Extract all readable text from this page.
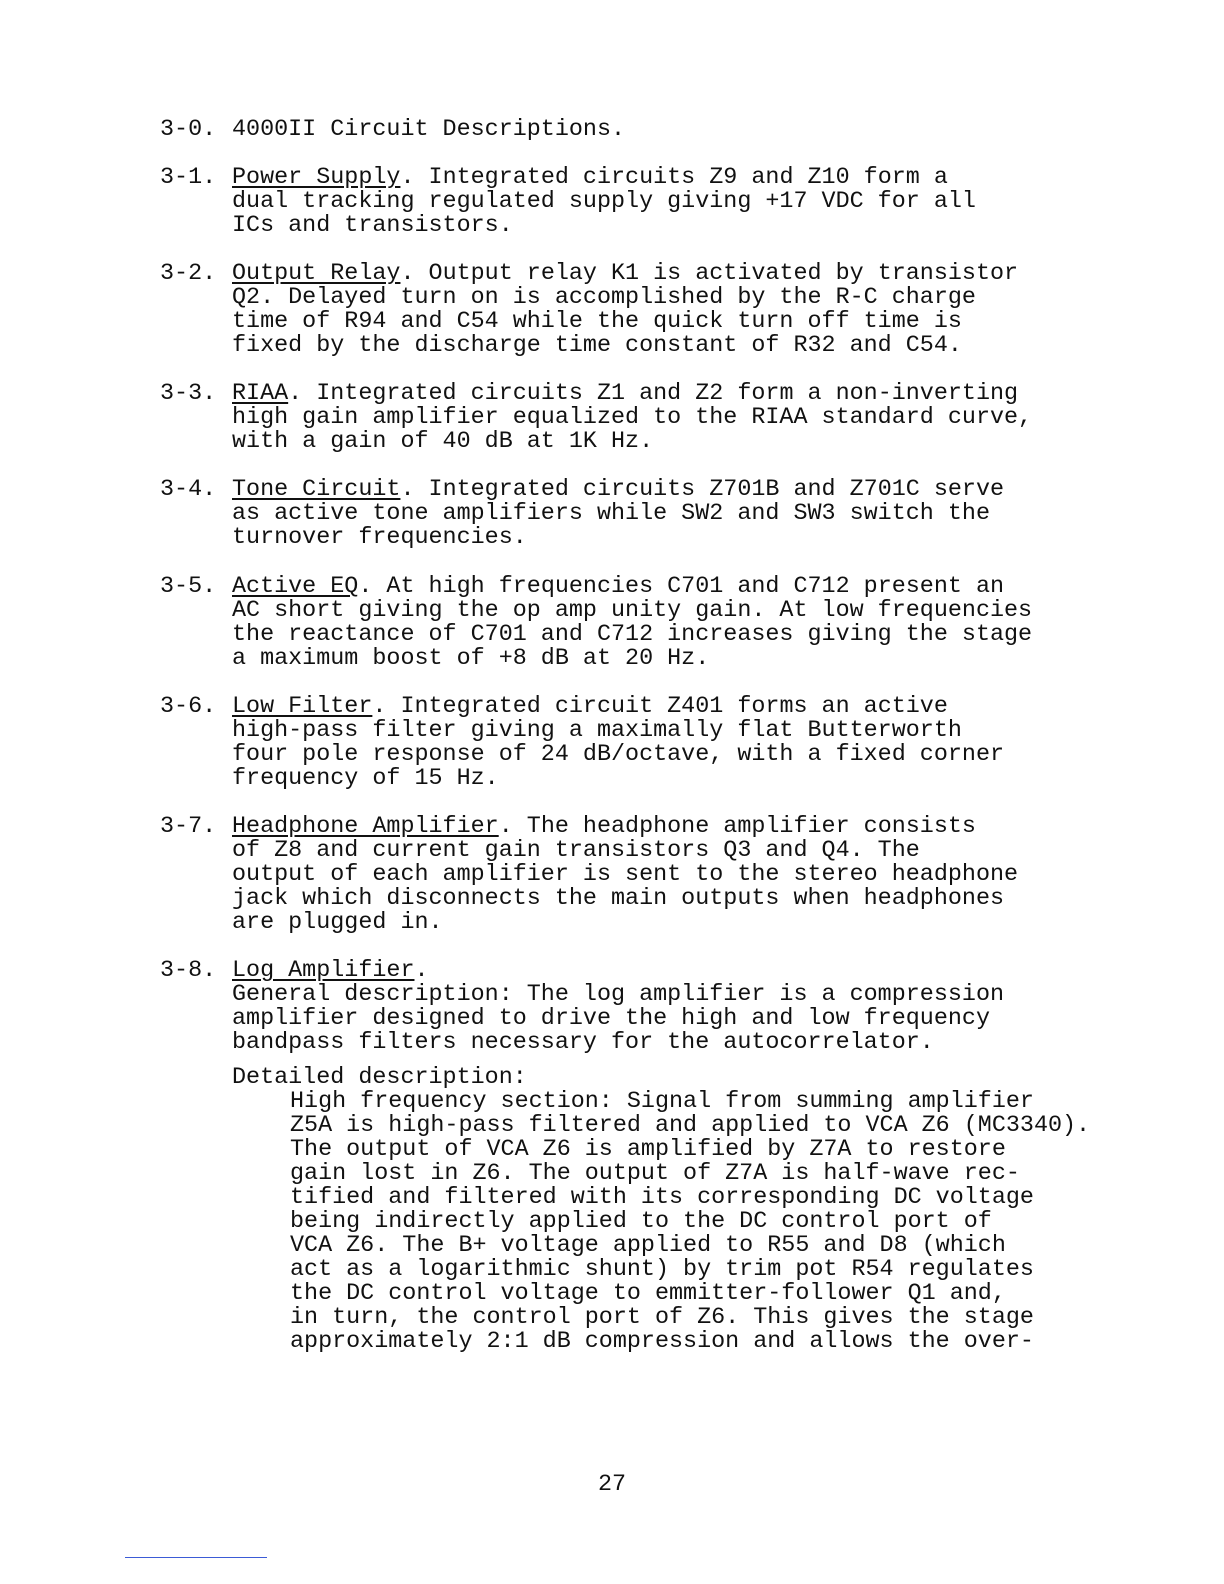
3-0. 4000II Circuit Descriptions.
3-1. Power Supply. Integrated circuits Z9 and Z10 form a
dual tracking regulated supply giving +17 VDC for all
ICs and transistors.
3-2. Output Relay. Output relay K1 is activated by transistor
Q2. Delayed turn on is accomplished by the R-C charge
time of R94 and C54 while the quick turn off time is
fixed by the discharge time constant of R32 and C54.
3-3. RIAA. Integrated circuits Z1 and Z2 form a non-inverting
high gain amplifier equalized to the RIAA standard curve,
with a gain of 40 dB at 1K Hz.
3-4. Tone Circuit. Integrated circuits Z701B and Z701C serve
as active tone amplifiers while SW2 and SW3 switch the
turnover frequencies.
3-5. Active EQ. At high frequencies C701 and C712 present an
AC short giving the op amp unity gain. At low frequencies
the reactance of C701 and C712 increases giving the stage
a maximum boost of +8 dB at 20 Hz.
3-6. Low Filter. Integrated circuit Z401 forms an active
high-pass filter giving a maximally flat Butterworth
four pole response of 24 dB/octave, with a fixed corner
frequency of 15 Hz.
3-7. Headphone Amplifier. The headphone amplifier consists
of Z8 and current gain transistors Q3 and Q4. The
output of each amplifier is sent to the stereo headphone
jack which disconnects the main outputs when headphones
are plugged in.
3-8. Log Amplifier.
General description: The log amplifier is a compression
amplifier designed to drive the high and low frequency
bandpass filters necessary for the autocorrelator.
Detailed description:
High frequency section: Signal from summing amplifier
Z5A is high-pass filtered and applied to VCA Z6 (MC3340).
The output of VCA Z6 is amplified by Z7A to restore
gain lost in Z6. The output of Z7A is half-wave rec-
tified and filtered with its corresponding DC voltage
being indirectly applied to the DC control port of
VCA Z6. The B+ voltage applied to R55 and D8 (which
act as a logarithmic shunt) by trim pot R54 regulates
the DC control voltage to emmitter-follower Q1 and,
in turn, the control port of Z6. This gives the stage
approximately 2:1 dB compression and allows the over-
27
